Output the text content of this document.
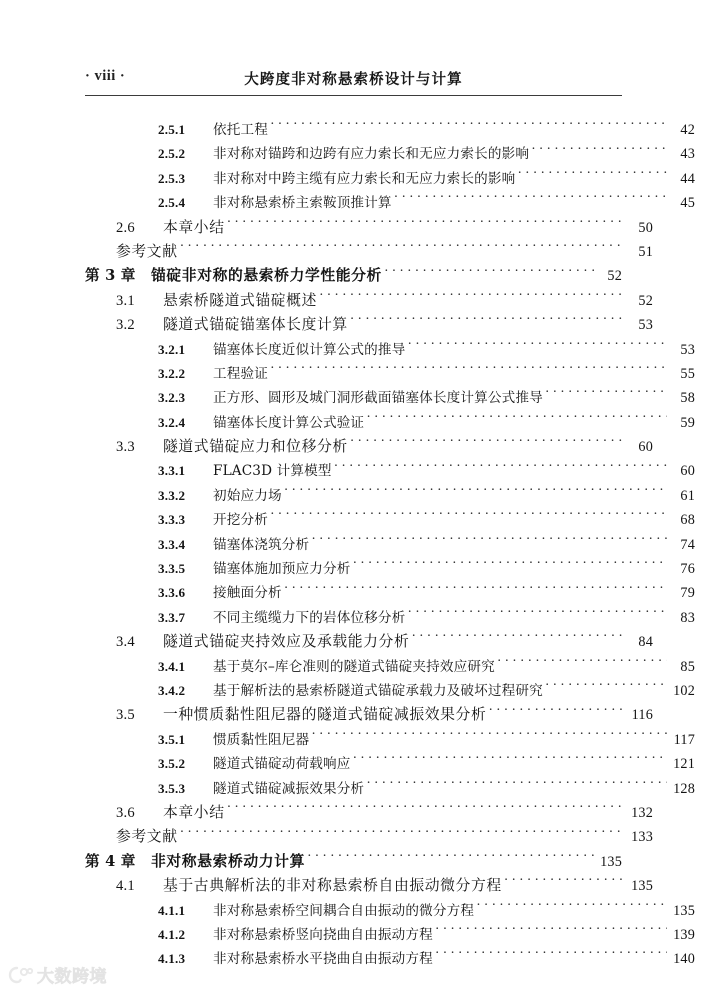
· viii ·	大跨度非对称悬索桥设计与计算
2.5.1	依托工程 ·····	42
2.5.2	非对称对锚跨和边跨有应力索长和无应力索长的影响 ·····	43
2.5.3	非对称对中跨主缆有应力索长和无应力索长的影响 ·····	44
2.5.4	非对称悬索桥主索鞍顶推计算 ·····	45
2.6	本章小结 ·····	50
参考文献 ·····	51
第 3 章	锚碇非对称的悬索桥力学性能分析 ·····	52
3.1	悬索桥隧道式锚碇概述 ·····	52
3.2	隧道式锚碇锚塞体长度计算 ·····	53
3.2.1	锚塞体长度近似计算公式的推导 ·····	53
3.2.2	工程验证 ·····	55
3.2.3	正方形、圆形及城门洞形截面锚塞体长度计算公式推导 ·····	58
3.2.4	锚塞体长度计算公式验证 ·····	59
3.3	隧道式锚碇应力和位移分析 ·····	60
3.3.1	FLAC3D 计算模型 ·····	60
3.3.2	初始应力场 ·····	61
3.3.3	开挖分析 ·····	68
3.3.4	锚塞体浇筑分析 ·····	74
3.3.5	锚塞体施加预应力分析 ·····	76
3.3.6	接触面分析 ·····	79
3.3.7	不同主缆缆力下的岩体位移分析 ·····	83
3.4	隧道式锚碇夹持效应及承载能力分析 ·····	84
3.4.1	基于莫尔–库仑准则的隧道式锚碇夹持效应研究 ·····	85
3.4.2	基于解析法的悬索桥隧道式锚碇承载力及破坏过程研究 ·····	102
3.5	一种惯质黏性阻尼器的隧道式锚碇减振效果分析 ·····	116
3.5.1	惯质黏性阻尼器 ·····	117
3.5.2	隧道式锚碇动荷载响应 ·····	121
3.5.3	隧道式锚碇减振效果分析 ·····	128
3.6	本章小结 ·····	132
参考文献 ·····	133
第 4 章	非对称悬索桥动力计算 ·····	135
4.1	基于古典解析法的非对称悬索桥自由振动微分方程 ·····	135
4.1.1	非对称悬索桥空间耦合自由振动的微分方程 ·····	135
4.1.2	非对称悬索桥竖向挠曲自由振动方程 ·····	139
4.1.3	非对称悬索桥水平挠曲自由振动方程 ·····	140
大数跨境
